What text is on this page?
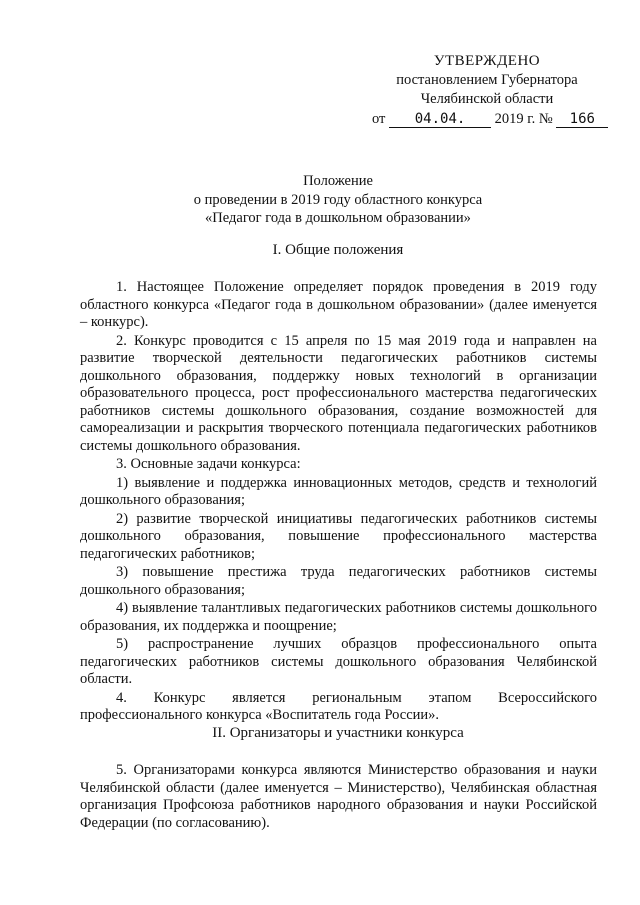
УТВЕРЖДЕНО
постановлением Губернатора
Челябинской области
от 04.04. 2019 г. № 166
Положение
о проведении в 2019 году областного конкурса
«Педагог года в дошкольном образовании»
I. Общие положения

1. Настоящее Положение определяет порядок проведения в 2019 году областного конкурса «Педагог года в дошкольном образовании» (далее именуется – конкурс).

2. Конкурс проводится с 15 апреля по 15 мая 2019 года и направлен на развитие творческой деятельности педагогических работников системы дошкольного образования, поддержку новых технологий в организации образовательного процесса, рост профессионального мастерства педагогических работников системы дошкольного образования, создание возможностей для самореализации и раскрытия творческого потенциала педагогических работников системы дошкольного образования.

3. Основные задачи конкурса:

1) выявление и поддержка инновационных методов, средств и технологий дошкольного образования;

2) развитие творческой инициативы педагогических работников системы дошкольного образования, повышение профессионального мастерства педагогических работников;

3) повышение престижа труда педагогических работников системы дошкольного образования;

4) выявление талантливых педагогических работников системы дошкольного образования, их поддержка и поощрение;

5) распространение лучших образцов профессионального опыта педагогических работников системы дошкольного образования Челябинской области.

4. Конкурс является региональным этапом Всероссийского профессионального конкурса «Воспитатель года России».

II. Организаторы и участники конкурса

5. Организаторами конкурса являются Министерство образования и науки Челябинской области (далее именуется – Министерство), Челябинская областная организация Профсоюза работников народного образования и науки Российской Федерации (по согласованию).
